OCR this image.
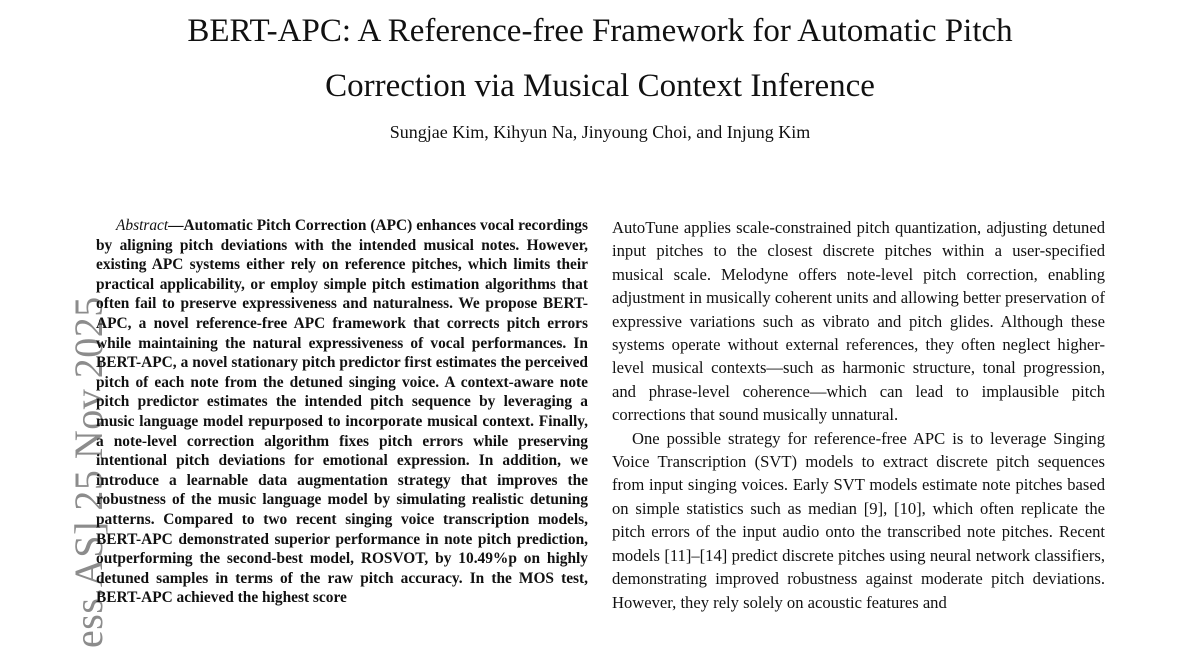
BERT-APC: A Reference-free Framework for Automatic Pitch
Correction via Musical Context Inference
Sungjae Kim, Kihyun Na, Jinyoung Choi, and Injung Kim
ess.AS] 25 Nov 2025
Abstract—Automatic Pitch Correction (APC) enhances vocal recordings by aligning pitch deviations with the intended musical notes. However, existing APC systems either rely on reference pitches, which limits their practical applicability, or employ simple pitch estimation algorithms that often fail to preserve expressiveness and naturalness. We propose BERT-APC, a novel reference-free APC framework that corrects pitch errors while maintaining the natural expressiveness of vocal performances. In BERT-APC, a novel stationary pitch predictor first estimates the perceived pitch of each note from the detuned singing voice. A context-aware note pitch predictor estimates the intended pitch sequence by leveraging a music language model repurposed to incorporate musical context. Finally, a note-level correction algorithm fixes pitch errors while preserving intentional pitch deviations for emotional expression. In addition, we introduce a learnable data augmentation strategy that improves the robustness of the music language model by simulating realistic detuning patterns. Compared to two recent singing voice transcription models, BERT-APC demonstrated superior performance in note pitch prediction, outperforming the second-best model, ROSVOT, by 10.49%p on highly detuned samples in terms of the raw pitch accuracy. In the MOS test, BERT-APC achieved the highest score

AutoTune applies scale-constrained pitch quantization, adjusting detuned input pitches to the closest discrete pitches within a user-specified musical scale. Melodyne offers note-level pitch correction, enabling adjustment in musically coherent units and allowing better preservation of expressive variations such as vibrato and pitch glides. Although these systems operate without external references, they often neglect higher-level musical contexts—such as harmonic structure, tonal progression, and phrase-level coherence—which can lead to implausible pitch corrections that sound musically unnatural.

One possible strategy for reference-free APC is to leverage Singing Voice Transcription (SVT) models to extract discrete pitch sequences from input singing voices. Early SVT models estimate note pitches based on simple statistics such as median [9], [10], which often replicate the pitch errors of the input audio onto the transcribed note pitches. Recent models [11]–[14] predict discrete pitches using neural network classifiers, demonstrating improved robustness against moderate pitch deviations. However, they rely solely on acoustic features and
